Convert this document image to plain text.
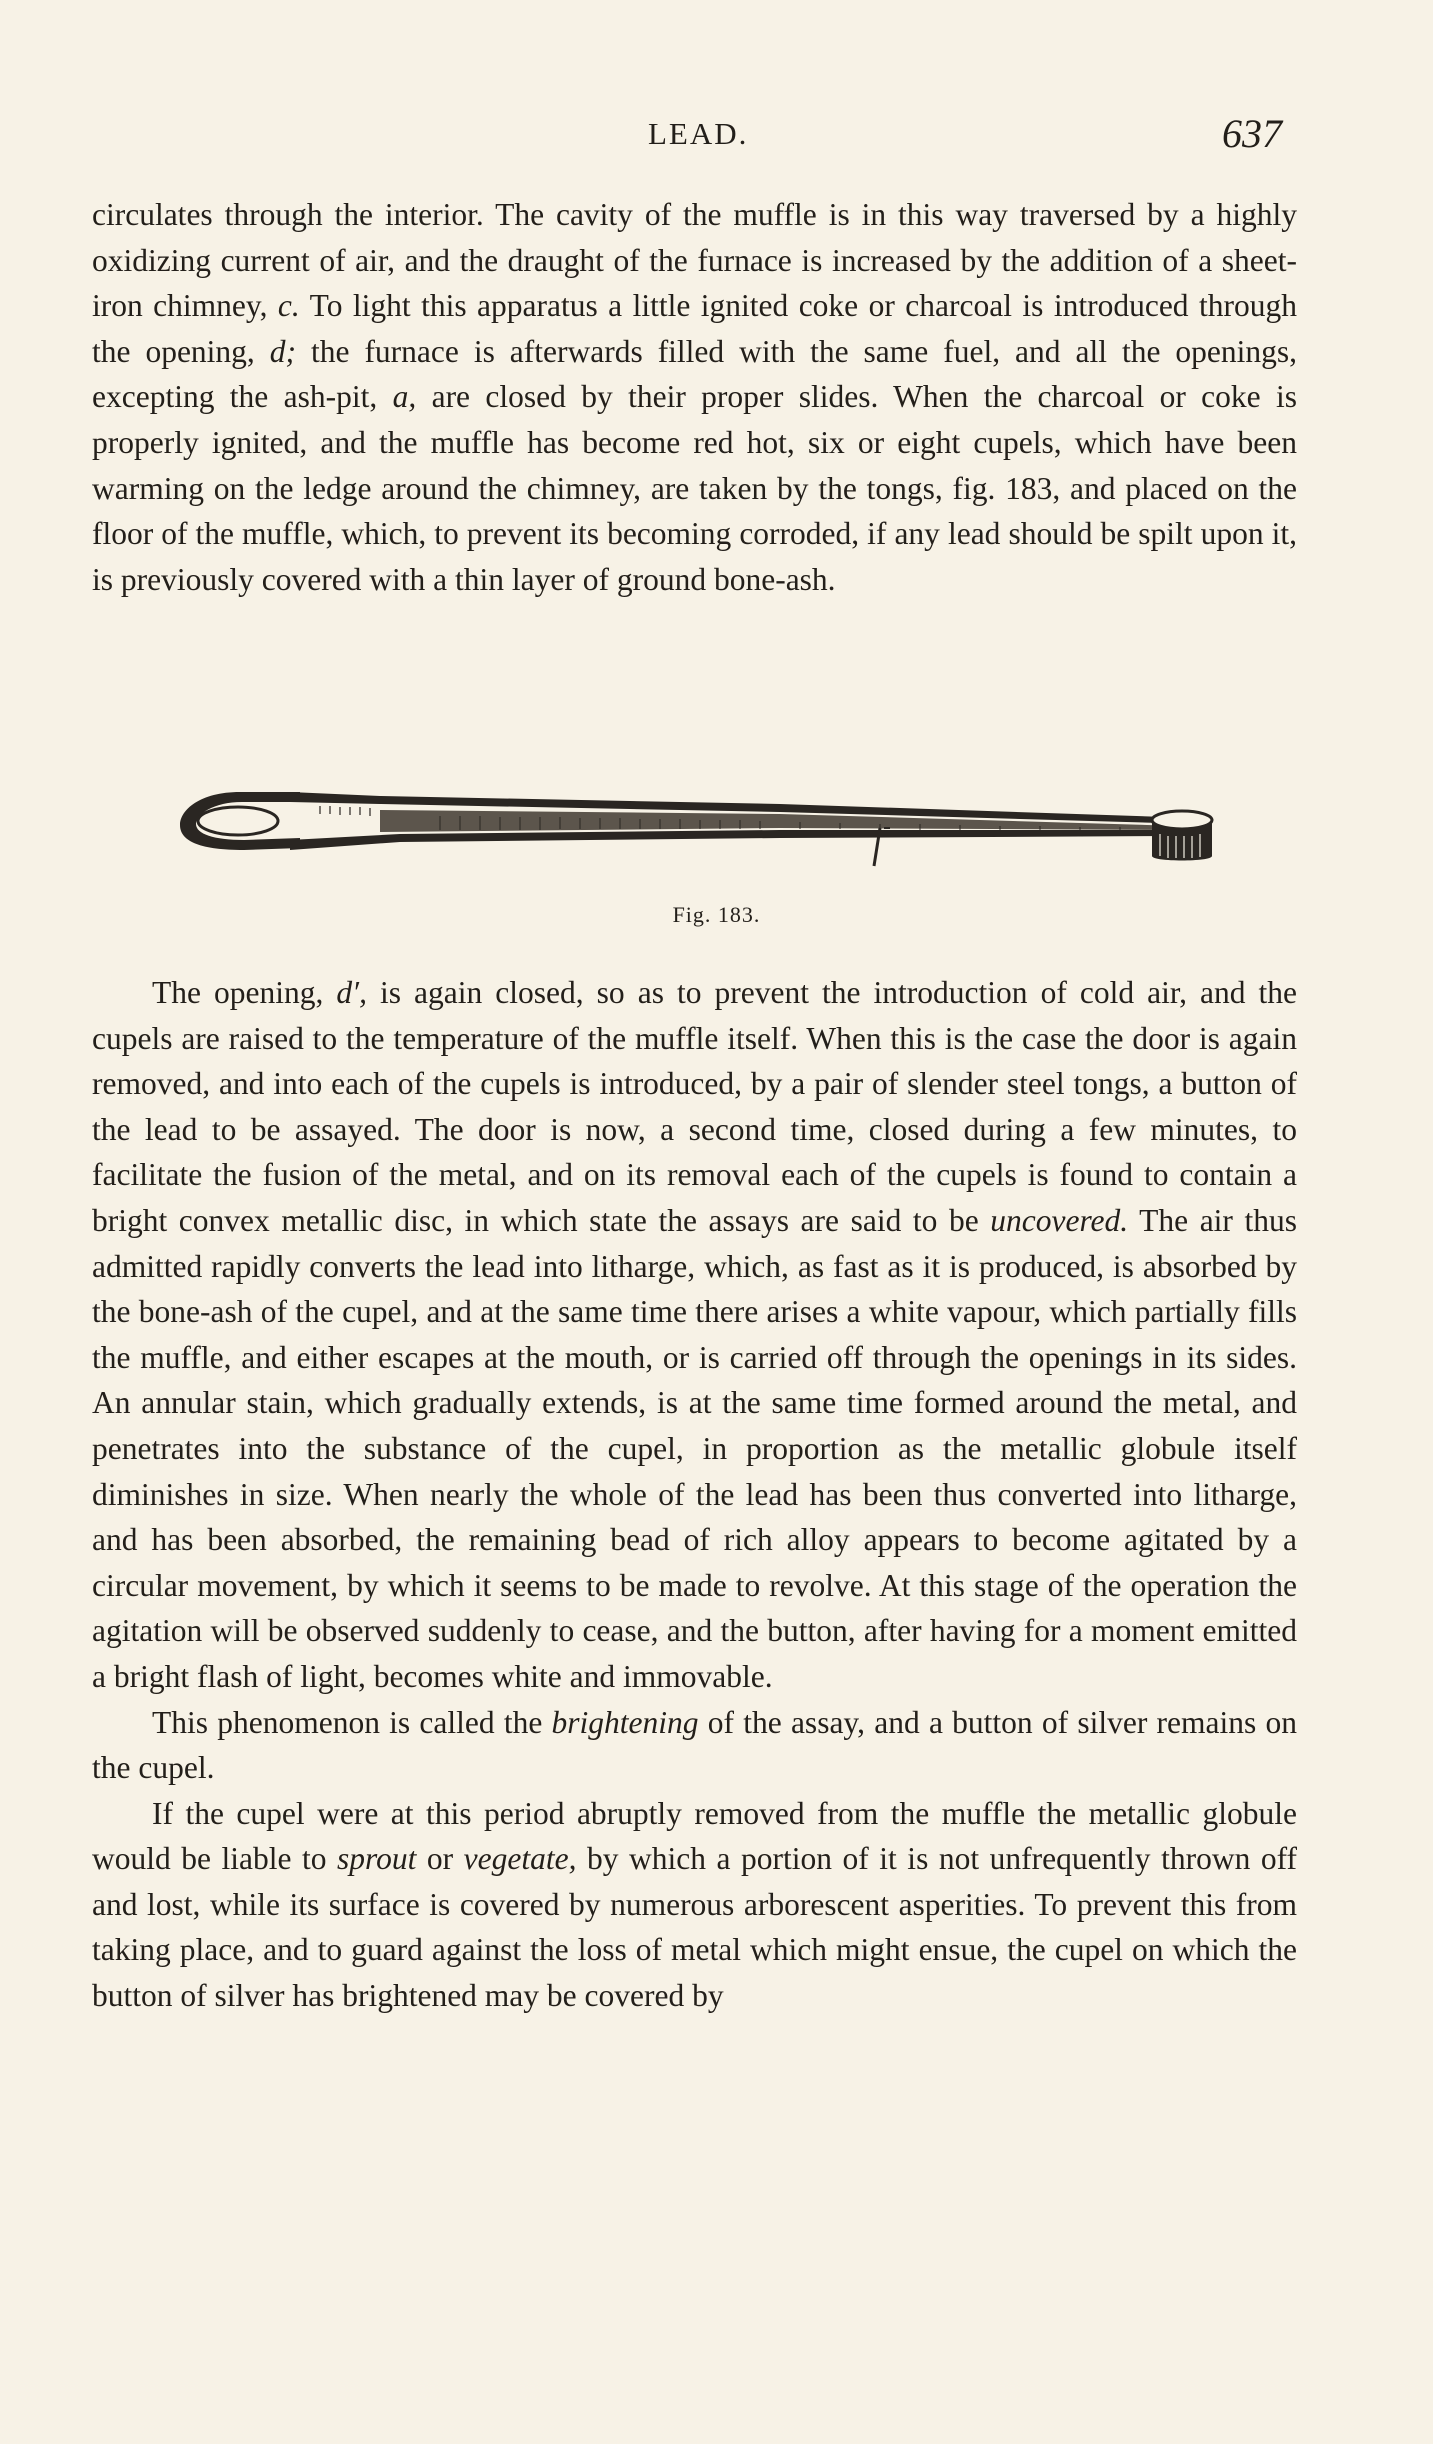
LEAD.	637

circulates through the interior. The cavity of the muffle is in this way traversed by a highly oxidizing current of air, and the draught of the furnace is increased by the addition of a sheet-iron chimney, c. To light this apparatus a little ignited coke or charcoal is introduced through the opening, d; the furnace is afterwards filled with the same fuel, and all the openings, excepting the ash-pit, a, are closed by their proper slides. When the charcoal or coke is properly ignited, and the muffle has become red hot, six or eight cupels, which have been warming on the ledge around the chimney, are taken by the tongs, fig. 183, and placed on the floor of the muffle, which, to prevent its becoming corroded, if any lead should be spilt upon it, is previously covered with a thin layer of ground bone-ash.

Fig. 183.

The opening, d′, is again closed, so as to prevent the introduction of cold air, and the cupels are raised to the temperature of the muffle itself. When this is the case the door is again removed, and into each of the cupels is introduced, by a pair of slender steel tongs, a button of the lead to be assayed. The door is now, a second time, closed during a few minutes, to facilitate the fusion of the metal, and on its removal each of the cupels is found to contain a bright convex metallic disc, in which state the assays are said to be uncovered. The air thus admitted rapidly converts the lead into litharge, which, as fast as it is produced, is absorbed by the bone-ash of the cupel, and at the same time there arises a white vapour, which partially fills the muffle, and either escapes at the mouth, or is carried off through the openings in its sides. An annular stain, which gradually extends, is at the same time formed around the metal, and penetrates into the substance of the cupel, in proportion as the metallic globule itself diminishes in size. When nearly the whole of the lead has been thus converted into litharge, and has been absorbed, the remaining bead of rich alloy appears to become agitated by a circular movement, by which it seems to be made to revolve. At this stage of the operation the agitation will be observed suddenly to cease, and the button, after having for a moment emitted a bright flash of light, becomes white and immovable.

This phenomenon is called the brightening of the assay, and a button of silver remains on the cupel.

If the cupel were at this period abruptly removed from the muffle the metallic globule would be liable to sprout or vegetate, by which a portion of it is not unfrequently thrown off and lost, while its surface is covered by numerous arborescent asperities. To prevent this from taking place, and to guard against the loss of metal which might ensue, the cupel on which the button of silver has brightened may be covered by
